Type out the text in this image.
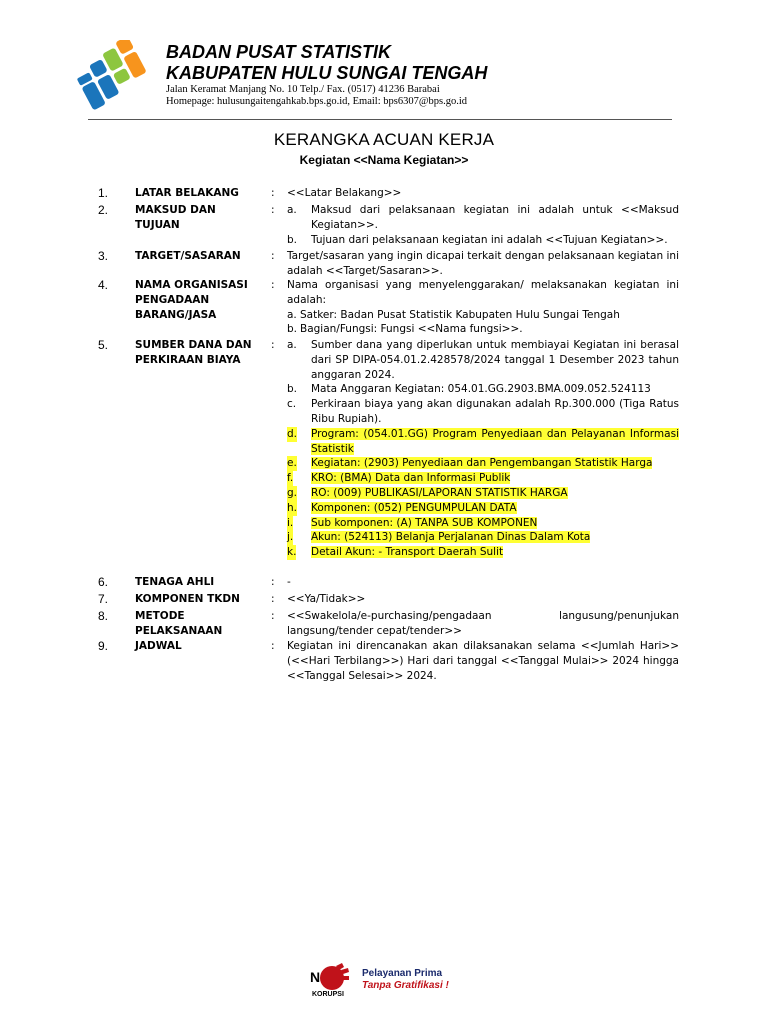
BADAN PUSAT STATISTIK
KABUPATEN HULU SUNGAI TENGAH
Jalan Keramat Manjang No. 10 Telp./ Fax. (0517) 41236 Barabai
Homepage: hulusungaitengahkab.bps.go.id, Email: bps6307@bps.go.id
KERANGKA ACUAN KERJA
Kegiatan <<Nama Kegiatan>>
1.	LATAR BELAKANG	: <<Latar Belakang>>
2.	MAKSUD DAN TUJUAN
: a. Maksud dari pelaksanaan kegiatan ini adalah untuk <<Maksud Kegiatan>>.
b. Tujuan dari pelaksanaan kegiatan ini adalah <<Tujuan Kegiatan>>.
3.	TARGET/SASARAN	: Target/sasaran yang ingin dicapai terkait dengan pelaksanaan kegiatan ini adalah <<Target/Sasaran>>.
4.	NAMA ORGANISASI PENGADAAN BARANG/JASA
: Nama organisasi yang menyelenggarakan/ melaksanakan kegiatan ini adalah:
a. Satker: Badan Pusat Statistik Kabupaten Hulu Sungai Tengah
b. Bagian/Fungsi: Fungsi <<Nama fungsi>>.
5.	SUMBER DANA DAN PERKIRAAN BIAYA
: a. Sumber dana yang diperlukan untuk membiayai Kegiatan ini berasal dari SP DIPA-054.01.2.428578/2024 tanggal 1 Desember 2023 tahun anggaran 2024.
b. Mata Anggaran Kegiatan: 054.01.GG.2903.BMA.009.052.524113
c. Perkiraan biaya yang akan digunakan adalah Rp.300.000 (Tiga Ratus Ribu Rupiah).
d. Program: (054.01.GG) Program Penyediaan dan Pelayanan Informasi Statistik
e. Kegiatan: (2903) Penyediaan dan Pengembangan Statistik Harga
f. KRO: (BMA) Data dan Informasi Publik
g. RO: (009) PUBLIKASI/LAPORAN STATISTIK HARGA
h. Komponen: (052) PENGUMPULAN DATA
i. Sub komponen: (A) TANPA SUB KOMPONEN
j. Akun: (524113) Belanja Perjalanan Dinas Dalam Kota
k. Detail Akun: - Transport Daerah Sulit
6.	TENAGA AHLI	: -
7.	KOMPONEN TKDN	: <<Ya/Tidak>>
8.	METODE PELAKSANAAN
: <<Swakelola/e-purchasing/pengadaan langusung/penunjukan langsung/tender cepat/tender>>
9.	JADWAL	: Kegiatan ini direncanakan akan dilaksanakan selama <<Jumlah Hari>> (<<Hari Terbilang>>) Hari dari tanggal <<Tanggal Mulai>> 2024 hingga <<Tanggal Selesai>> 2024.
N
KORUPSI
Pelayanan Prima
Tanpa Gratifikasi !
